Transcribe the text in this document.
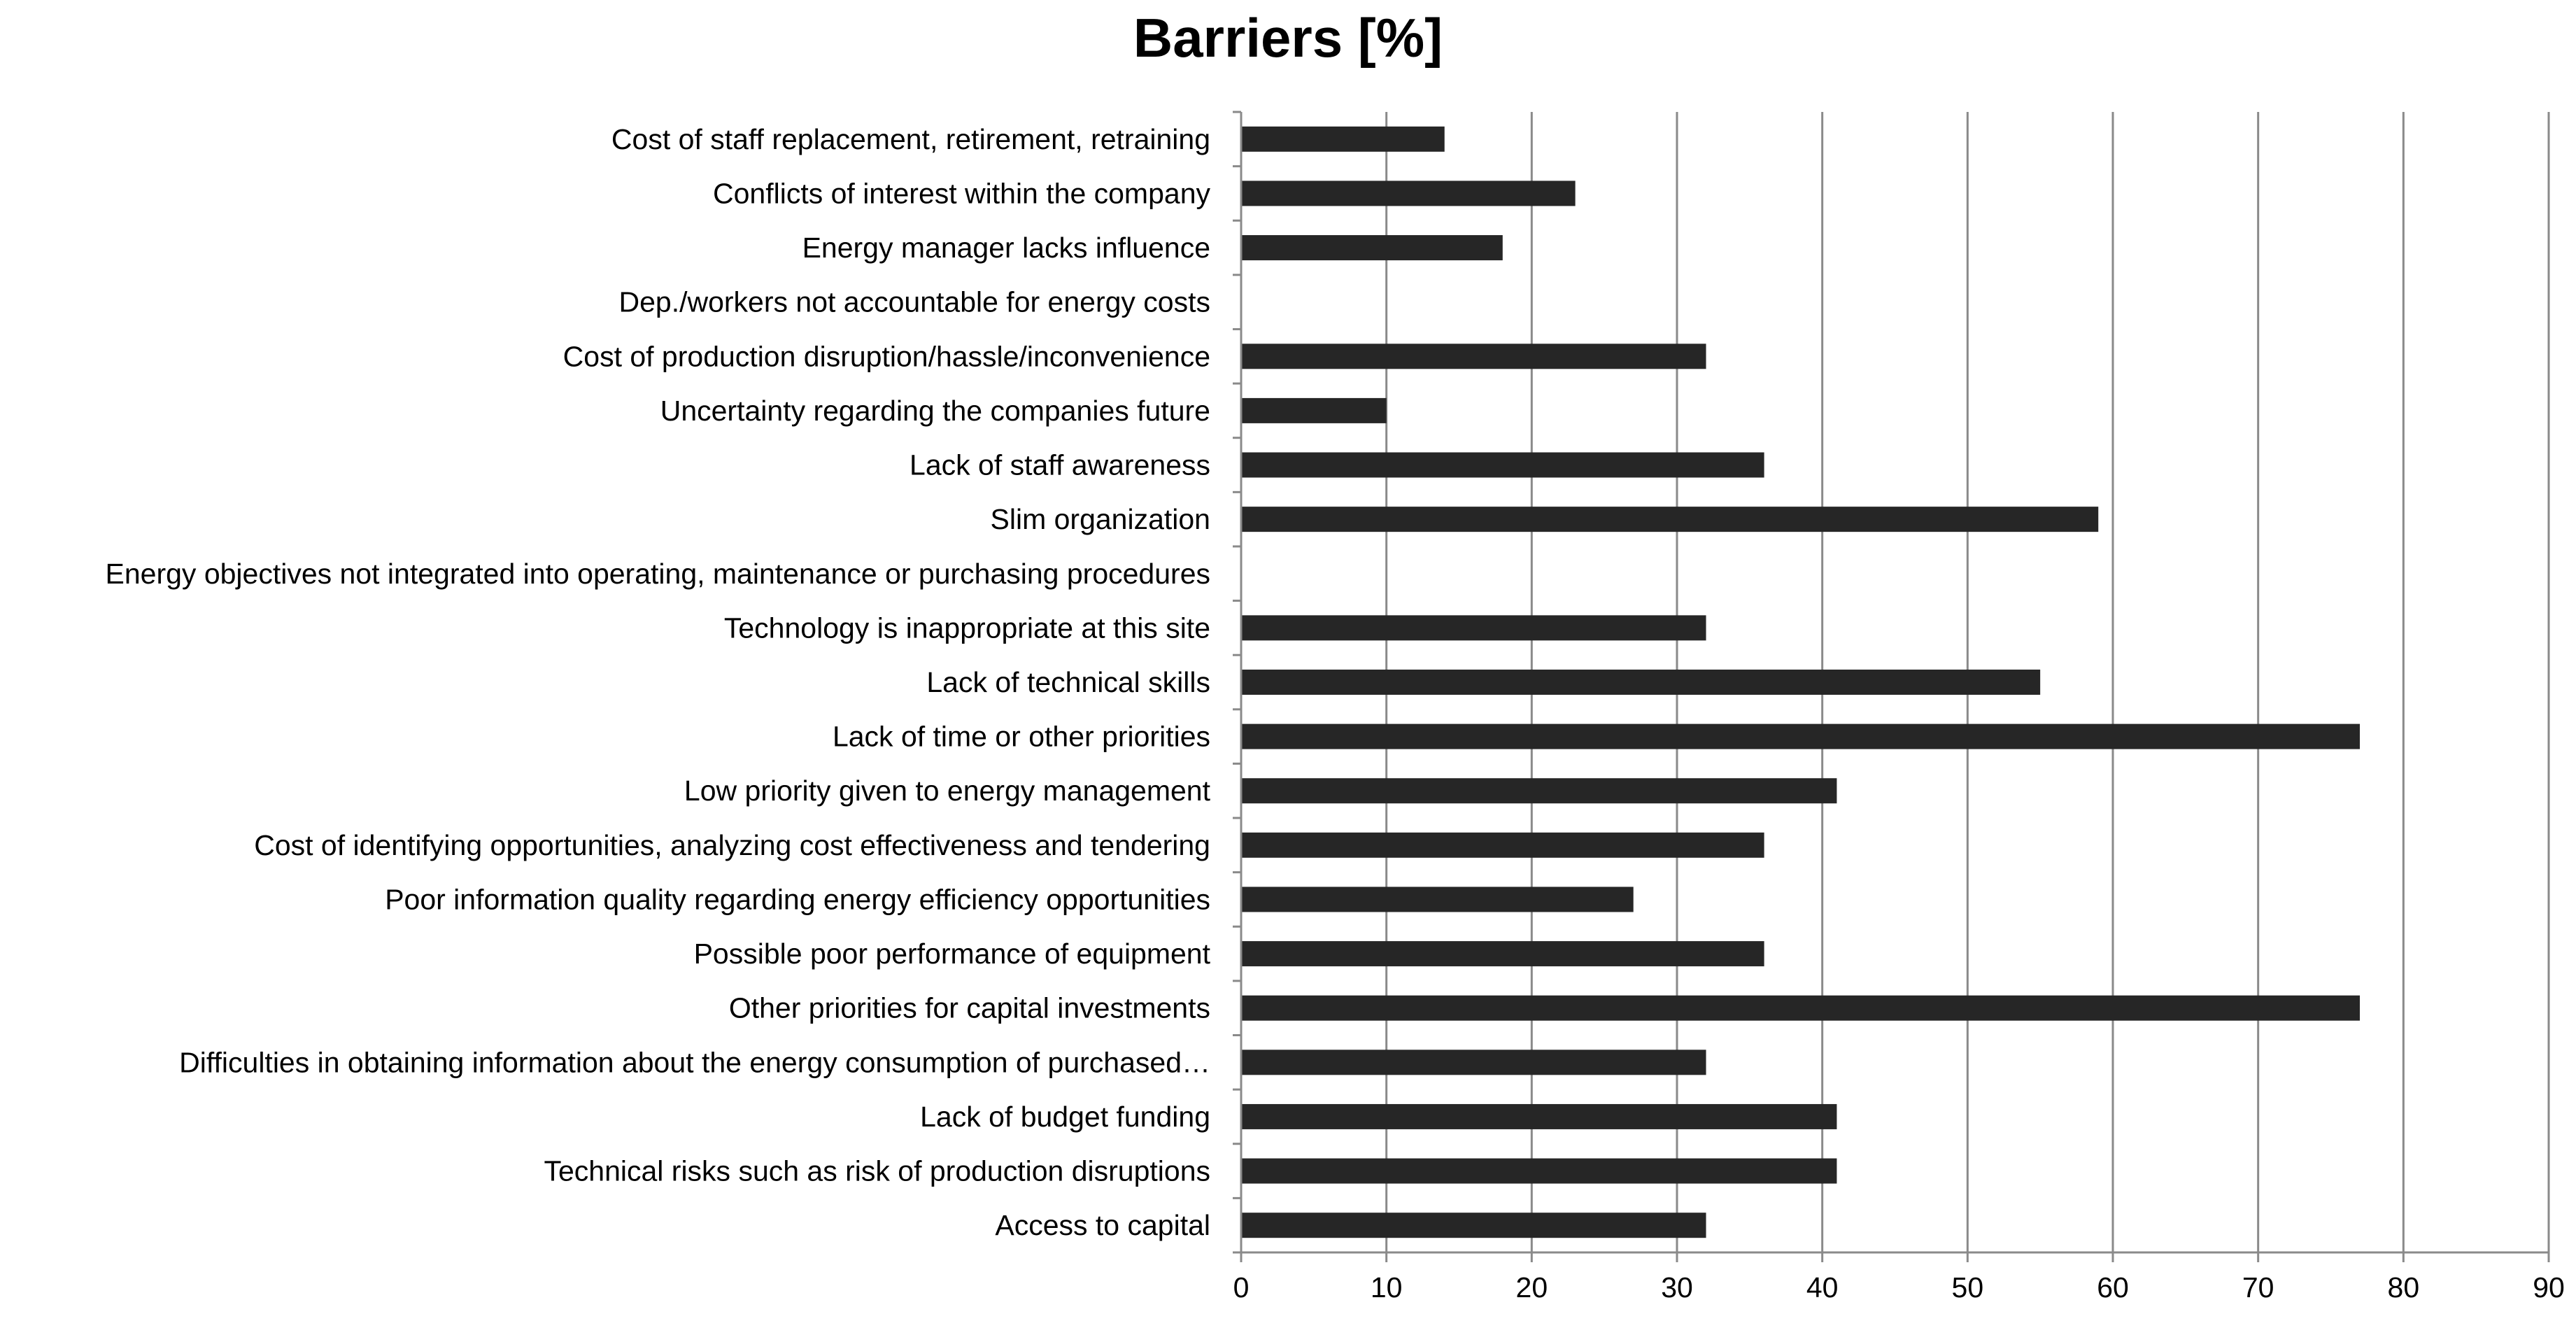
Barriers [%]
Cost of staff replacement, retirement, retraining
Conflicts of interest within the company
Energy manager lacks influence
Dep./workers not accountable for energy costs
Cost of production disruption/hassle/inconvenience
Uncertainty regarding the companies future
Lack of staff awareness
Slim organization
Energy objectives not integrated into operating, maintenance or purchasing procedures
Technology is inappropriate at this site
Lack of technical skills
Lack of time or other priorities
Low priority given to energy management
Cost of identifying opportunities, analyzing cost effectiveness and tendering
Poor information quality regarding energy efficiency opportunities
Possible poor performance of equipment
Other priorities for capital investments
Difficulties in obtaining information about the energy consumption of purchased…
Lack of budget funding
Technical risks such as risk of production disruptions
Access to capital
0	10	20	30	40	50	60	70	80	90
